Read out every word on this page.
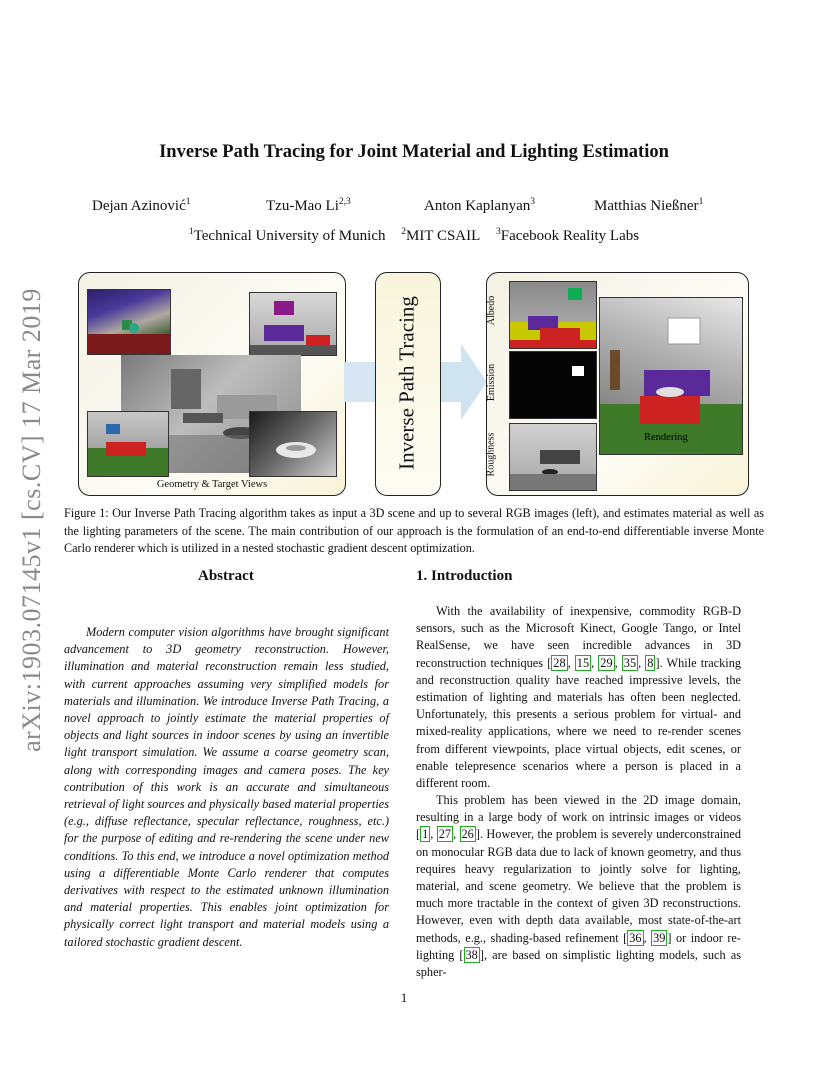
arXiv:1903.07145v1 [cs.CV] 17 Mar 2019
Inverse Path Tracing for Joint Material and Lighting Estimation
Dejan Azinović$^1$	Tzu-Mao Li$^{2,3}$	Anton Kaplanyan$^3$	Matthias Nießner$^1$
$^1$Technical University of Munich $^2$MIT CSAIL $^3$Facebook Reality Labs
Geometry & Target Views
Inverse Path Tracing	Rendering
Albedo
Emission
Roughness
Figure 1: Our Inverse Path Tracing algorithm takes as input a 3D scene and up to several RGB images (left), and estimates material as well as the lighting parameters of the scene. The main contribution of our approach is the formulation of an end-to-end differentiable inverse Monte Carlo renderer which is utilized in a nested stochastic gradient descent optimization.
Abstract	1. Introduction
Modern computer vision algorithms have brought significant advancement to 3D geometry reconstruction. However, illumination and material reconstruction remain less studied, with current approaches assuming very simplified models for materials and illumination. We introduce Inverse Path Tracing, a novel approach to jointly estimate the material properties of objects and light sources in indoor scenes by using an invertible light transport simulation. We assume a coarse geometry scan, along with corresponding images and camera poses. The key contribution of this work is an accurate and simultaneous retrieval of light sources and physically based material properties (e.g., diffuse reflectance, specular reflectance, roughness, etc.) for the purpose of editing and re-rendering the scene under new conditions. To this end, we introduce a novel optimization method using a differentiable Monte Carlo renderer that computes derivatives with respect to the estimated unknown illumination and material properties. This enables joint optimization for physically correct light transport and material models using a tailored stochastic gradient descent.
With the availability of inexpensive, commodity RGB-D sensors, such as the Microsoft Kinect, Google Tango, or Intel RealSense, we have seen incredible advances in 3D reconstruction techniques [ 28 , 15 , 29 , 35 , 8 ]. While tracking and reconstruction quality have reached impressive levels, the estimation of lighting and materials has often been neglected. Unfortunately, this presents a serious problem for virtual- and mixed-reality applications, where we need to re-render scenes from different viewpoints, place virtual objects, edit scenes, or enable telepresence scenarios where a person is placed in a different room.
This problem has been viewed in the 2D image domain, resulting in a large body of work on intrinsic images or videos [ 1 , 27 , 26 ]. However, the problem is severely underconstrained on monocular RGB data due to lack of known geometry, and thus requires heavy regularization to jointly solve for lighting, material, and scene geometry. We believe that the problem is much more tractable in the context of given 3D reconstructions. However, even with depth data available, most state-of-the-art methods, e.g., shading-based refinement [ 36 , 39 ] or indoor re-lighting [ 38 ], are based on simplistic lighting models, such as spher-
1
